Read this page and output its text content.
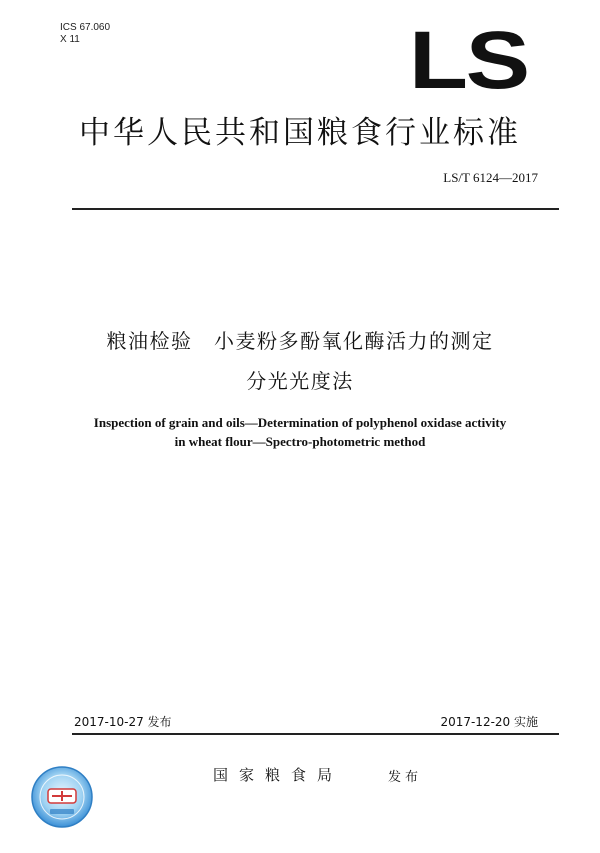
ICS 67.060
X 11	LS
中华人民共和国粮食行业标准
LS/T 6124—2017
粮油检验　小麦粉多酚氧化酶活力的测定
分光光度法
Inspection of grain and oils—Determination of polyphenol oxidase activity
in wheat flour—Spectro-photometric method
2017-10-27 发布	2017-12-20 实施
国家粮食局	发布
